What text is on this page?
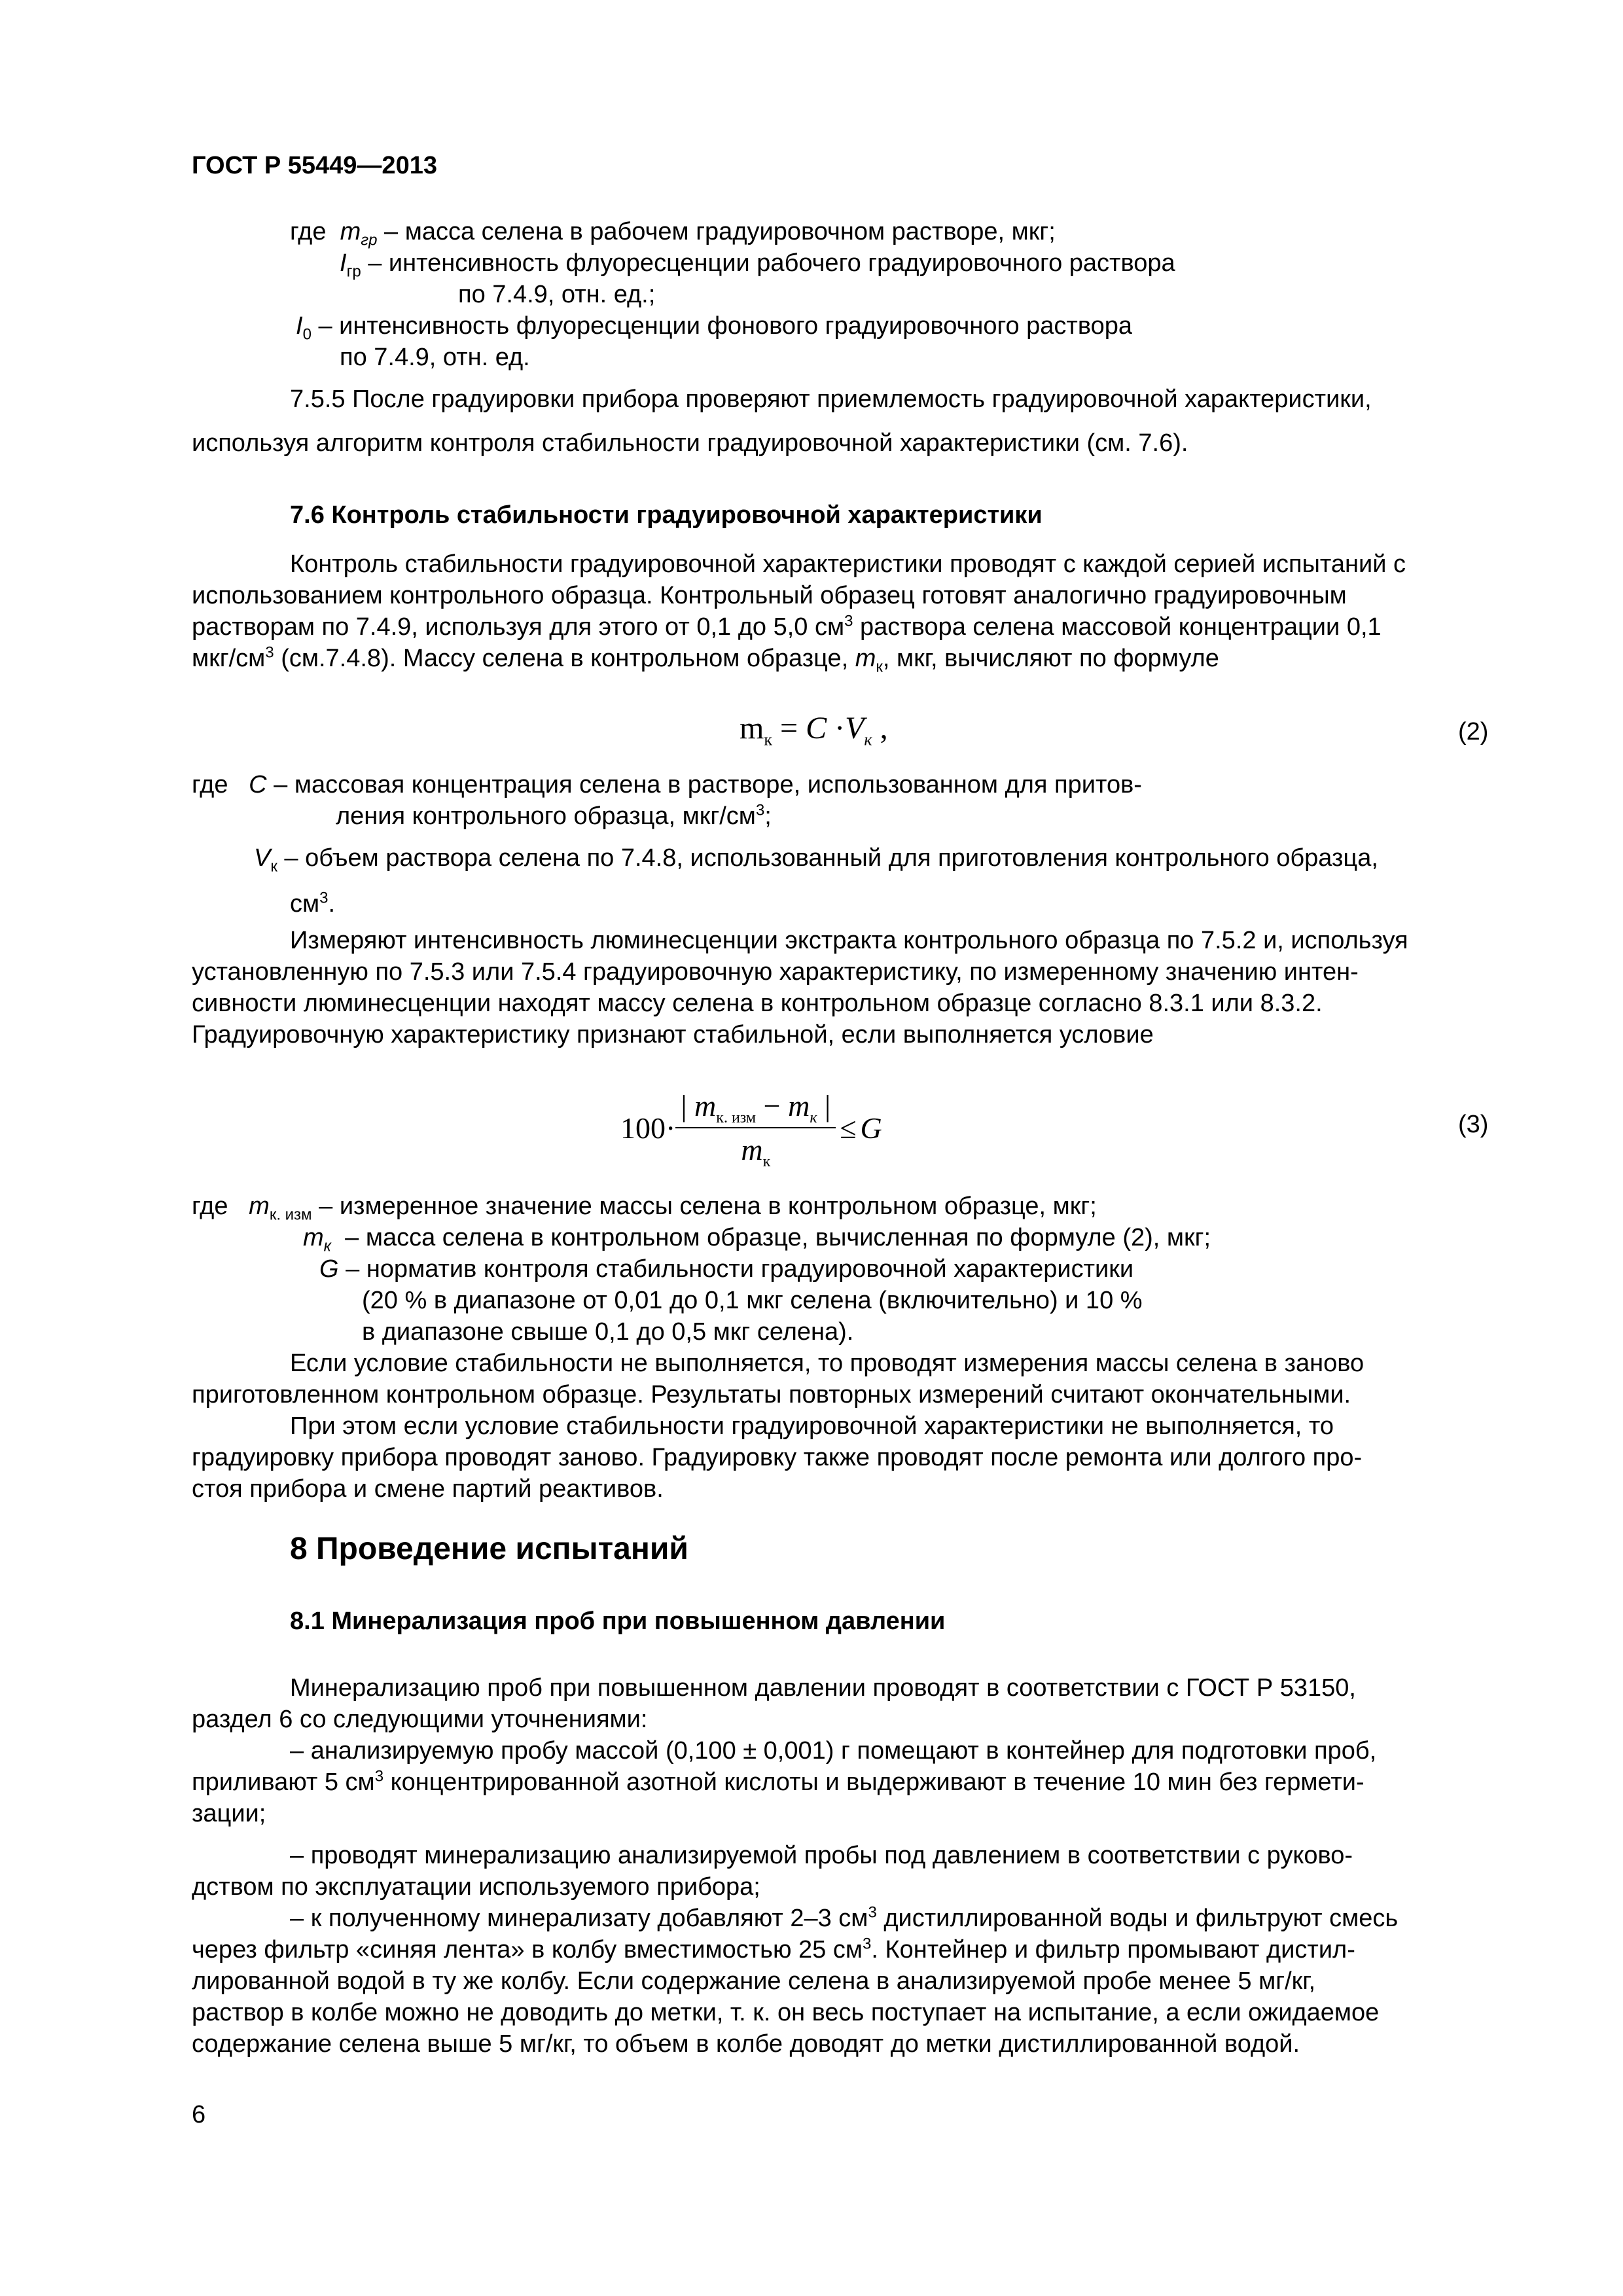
ГОСТ Р 55449—2013
где $m_{гр}$ – масса селена в рабочем градуировочном растворе, мкг;
$I_{гр}$ – интенсивность флуоресценции рабочего градуировочного раствора
по 7.4.9, отн. ед.;
$I_0$ – интенсивность флуоресценции фонового градуировочного раствора
по 7.4.9, отн. ед.
7.5.5 После градуировки прибора проверяют приемлемость градуировочной характеристики,
используя алгоритм контроля стабильности градуировочной характеристики (см. 7.6).
7.6 Контроль стабильности градуировочной характеристики
Контроль стабильности градуировочной характеристики проводят с каждой серией испытаний с
использованием контрольного образца. Контрольный образец готовят аналогично градуировочным
растворам по 7.4.9, используя для этого от 0,1 до 5,0 $см^3$ раствора селена массовой концентрации 0,1
мкг/$см^3$ (см.7.4.8). Массу селена в контрольном образце, $m_к$, мкг, вычисляют по формуле
$m_к = C \cdot V_к$ ,	(2)
где C – массовая концентрация селена в растворе, использованном для притов-
ления контрольного образца, мкг/$см^3$;
$V_к$ – объем раствора селена по 7.4.8, использованный для приготовления контрольного образца,
$см^3$.
Измеряют интенсивность люминесценции экстракта контрольного образца по 7.5.2 и, используя
установленную по 7.5.3 или 7.5.4 градуировочную характеристику, по измеренному значению интен-
сивности люминесценции находят массу селена в контрольном образце согласно 8.3.1 или 8.3.2.
Градуировочную характеристику признают стабильной, если выполняется условие
$100\cdot \frac{| m_{к. изм} - m_к |}{m_к} \le G$	(3)
где $m_{к. изм}$ – измеренное значение массы селена в контрольном образце, мкг;
$m_к$ – масса селена в контрольном образце, вычисленная по формуле (2), мкг;
G – норматив контроля стабильности градуировочной характеристики
(20 % в диапазоне от 0,01 до 0,1 мкг селена (включительно) и 10 %
в диапазоне свыше 0,1 до 0,5 мкг селена).
Если условие стабильности не выполняется, то проводят измерения массы селена в заново
приготовленном контрольном образце. Результаты повторных измерений считают окончательными.
При этом если условие стабильности градуировочной характеристики не выполняется, то
градуировку прибора проводят заново. Градуировку также проводят после ремонта или долгого про-
стоя прибора и смене партий реактивов.
8 Проведение испытаний
8.1 Минерализация проб при повышенном давлении
Минерализацию проб при повышенном давлении проводят в соответствии с ГОСТ Р 53150,
раздел 6 со следующими уточнениями:
– анализируемую пробу массой (0,100 ± 0,001) г помещают в контейнер для подготовки проб,
приливают 5 $см^3$ концентрированной азотной кислоты и выдерживают в течение 10 мин без гермети-
зации;
– проводят минерализацию анализируемой пробы под давлением в соответствии с руково-
дством по эксплуатации используемого прибора;
– к полученному минерализату добавляют 2–3 $см^3$ дистиллированной воды и фильтруют смесь
через фильтр «синяя лента» в колбу вместимостью 25 $см^3$. Контейнер и фильтр промывают дистил-
лированной водой в ту же колбу. Если содержание селена в анализируемой пробе менее 5 мг/кг,
раствор в колбе можно не доводить до метки, т. к. он весь поступает на испытание, а если ожидаемое
содержание селена выше 5 мг/кг, то объем в колбе доводят до метки дистиллированной водой.
6
